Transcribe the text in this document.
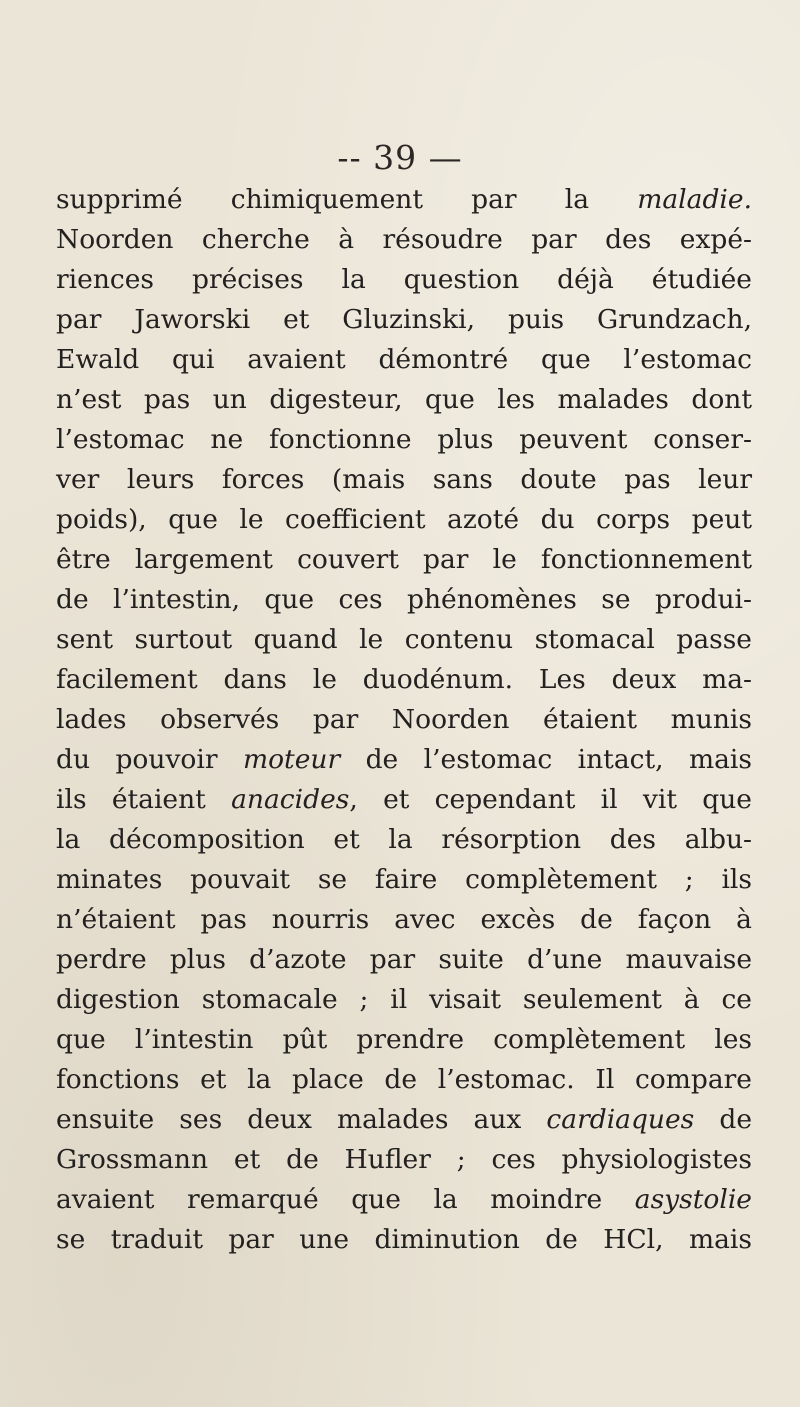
-- 39 —
supprimé chimiquement par la maladie.
Noorden cherche à résoudre par des expé-
riences précises la question déjà étudiée
par Jaworski et Gluzinski, puis Grundzach,
Ewald qui avaient démontré que l’estomac
n’est pas un digesteur, que les malades dont
l’estomac ne fonctionne plus peuvent conser-
ver leurs forces (mais sans doute pas leur
poids), que le coefficient azoté du corps peut
être largement couvert par le fonctionnement
de l’intestin, que ces phénomènes se produi-
sent surtout quand le contenu stomacal passe
facilement dans le duodénum. Les deux ma-
lades observés par Noorden étaient munis
du pouvoir moteur de l’estomac intact, mais
ils étaient anacides, et cependant il vit que
la décomposition et la résorption des albu-
minates pouvait se faire complètement ; ils
n’étaient pas nourris avec excès de façon à
perdre plus d’azote par suite d’une mauvaise
digestion stomacale ; il visait seulement à ce
que l’intestin pût prendre complètement les
fonctions et la place de l’estomac. Il compare
ensuite ses deux malades aux cardiaques de
Grossmann et de Hufler ; ces physiologistes
avaient remarqué que la moindre asystolie
se traduit par une diminution de HCl, mais
